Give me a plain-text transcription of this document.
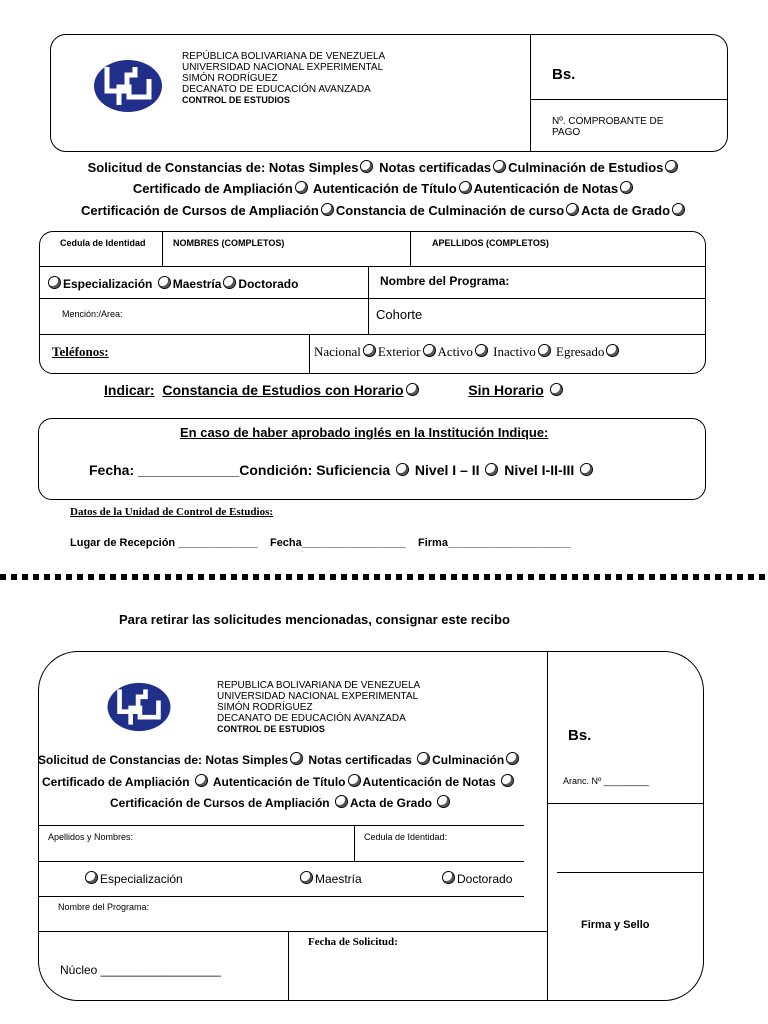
REPÚBLICA BOLIVARIANA DE VENEZUELA
UNIVERSIDAD NACIONAL EXPERIMENTAL
SIMÓN RODRÍGUEZ
DECANATO DE EDUCACIÓN AVANZADA
CONTROL DE ESTUDIOS
Bs.
Nº. COMPROBANTE DE PAGO
Solicitud de Constancias de: Notas Simples Notas certificadas Culminación de Estudios
Certificado de Ampliación Autenticación de Título Autenticación de Notas
Certificación de Cursos de Ampliación Constancia de Culminación de curso Acta de Grado
Cedula de Identidad	NOMBRES (COMPLETOS)	APELLIDOS (COMPLETOS)
Especialización Maestría Doctorado	Nombre del Programa:
Mención:/Area:	Cohorte
Teléfonos:	Nacional Exterior Activo Inactivo Egresado
Indicar: Constancia de Estudios con Horario	Sin Horario
En caso de haber aprobado inglés en la Institución Indique:
Fecha: _____________Condición: Suficiencia Nivel I – II Nivel I-II-III
Datos de la Unidad de Control de Estudios:
Lugar de Recepción _____________ Fecha_________________ Firma____________________
Para retirar las solicitudes mencionadas, consignar este recibo
REPUBLICA BOLIVARIANA DE VENEZUELA
UNIVERSIDAD NACIONAL EXPERIMENTAL
SIMÓN RODRÍGUEZ
DECANATO DE EDUCACIÓN AVANZADA
CONTROL DE ESTUDIOS	Bs.
Aranc. Nº _________
Firma y Sello
Solicitud de Constancias de: Notas Simples Notas certificadas Culminación
Certificado de Ampliación Autenticación de Título Autenticación de Notas
Certificación de Cursos de Ampliación Acta de Grado
Apellidos y Nombres:	Cedula de Identidad:
Especialización	Maestría	Doctorado
Nombre del Programa:
Fecha de Solicitud:
Núcleo __________________
